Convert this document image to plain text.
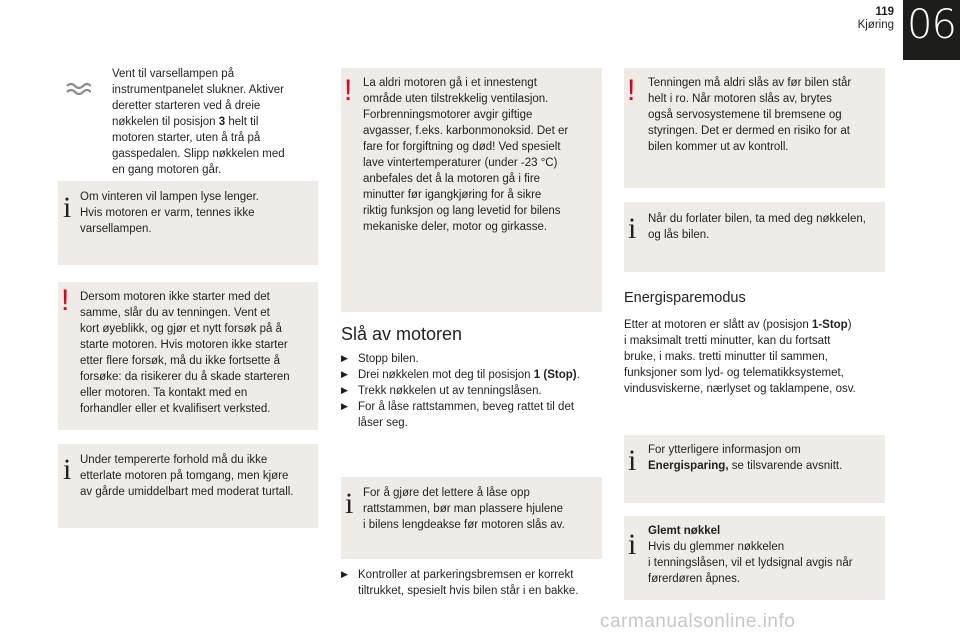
119
Kjøring 06
Vent til varsellampen på
instrumentpanelet slukner. Aktiver
deretter starteren ved å dreie
nøkkelen til posisjon 3 helt til
motoren starter, uten å trå på
gasspedalen. Slipp nøkkelen med
en gang motoren går.
i Om vinteren vil lampen lyse lenger.
Hvis motoren er varm, tennes ikke
varsellampen.
! Dersom motoren ikke starter med det
samme, slår du av tenningen. Vent et
kort øyeblikk, og gjør et nytt forsøk på å
starte motoren. Hvis motoren ikke starter
etter flere forsøk, må du ikke fortsette å
forsøke: da risikerer du å skade starteren
eller motoren. Ta kontakt med en
forhandler eller et kvalifisert verksted.
i Under tempererte forhold må du ikke
etterlate motoren på tomgang, men kjøre
av gårde umiddelbart med moderat turtall.
! La aldri motoren gå i et innestengt
område uten tilstrekkelig ventilasjon.
Forbrenningsmotorer avgir giftige
avgasser, f.eks. karbonmonoksid. Det er
fare for forgiftning og død! Ved spesielt
lave vintertemperaturer (under -23 °C)
anbefales det å la motoren gå i fire
minutter før igangkjøring for å sikre
riktig funksjon og lang levetid for bilens
mekaniske deler, motor og girkasse.
Slå av motoren
▶ Stopp bilen.
▶ Drei nøkkelen mot deg til posisjon 1 (Stop).
▶ Trekk nøkkelen ut av tenningslåsen.
▶ For å låse rattstammen, beveg rattet til det
låser seg.
i For å gjøre det lettere å låse opp
rattstammen, bør man plassere hjulene
i bilens lengdeakse før motoren slås av.
▶ Kontroller at parkeringsbremsen er korrekt
tiltrukket, spesielt hvis bilen står i en bakke.
! Tenningen må aldri slås av før bilen står
helt i ro. Når motoren slås av, brytes
også servosystemene til bremsene og
styringen. Det er dermed en risiko for at
bilen kommer ut av kontroll.
i Når du forlater bilen, ta med deg nøkkelen,
og lås bilen.
Energisparemodus
Etter at motoren er slått av (posisjon 1-Stop)
i maksimalt tretti minutter, kan du fortsatt
bruke, i maks. tretti minutter til sammen,
funksjoner som lyd- og telematikksystemet,
vindusviskerne, nærlyset og taklampene, osv.
i For ytterligere informasjon om
Energisparing, se tilsvarende avsnitt.
i Glemt nøkkel
Hvis du glemmer nøkkelen
i tenningslåsen, vil et lydsignal avgis når
førerdøren åpnes.
carmanualsonline.info
